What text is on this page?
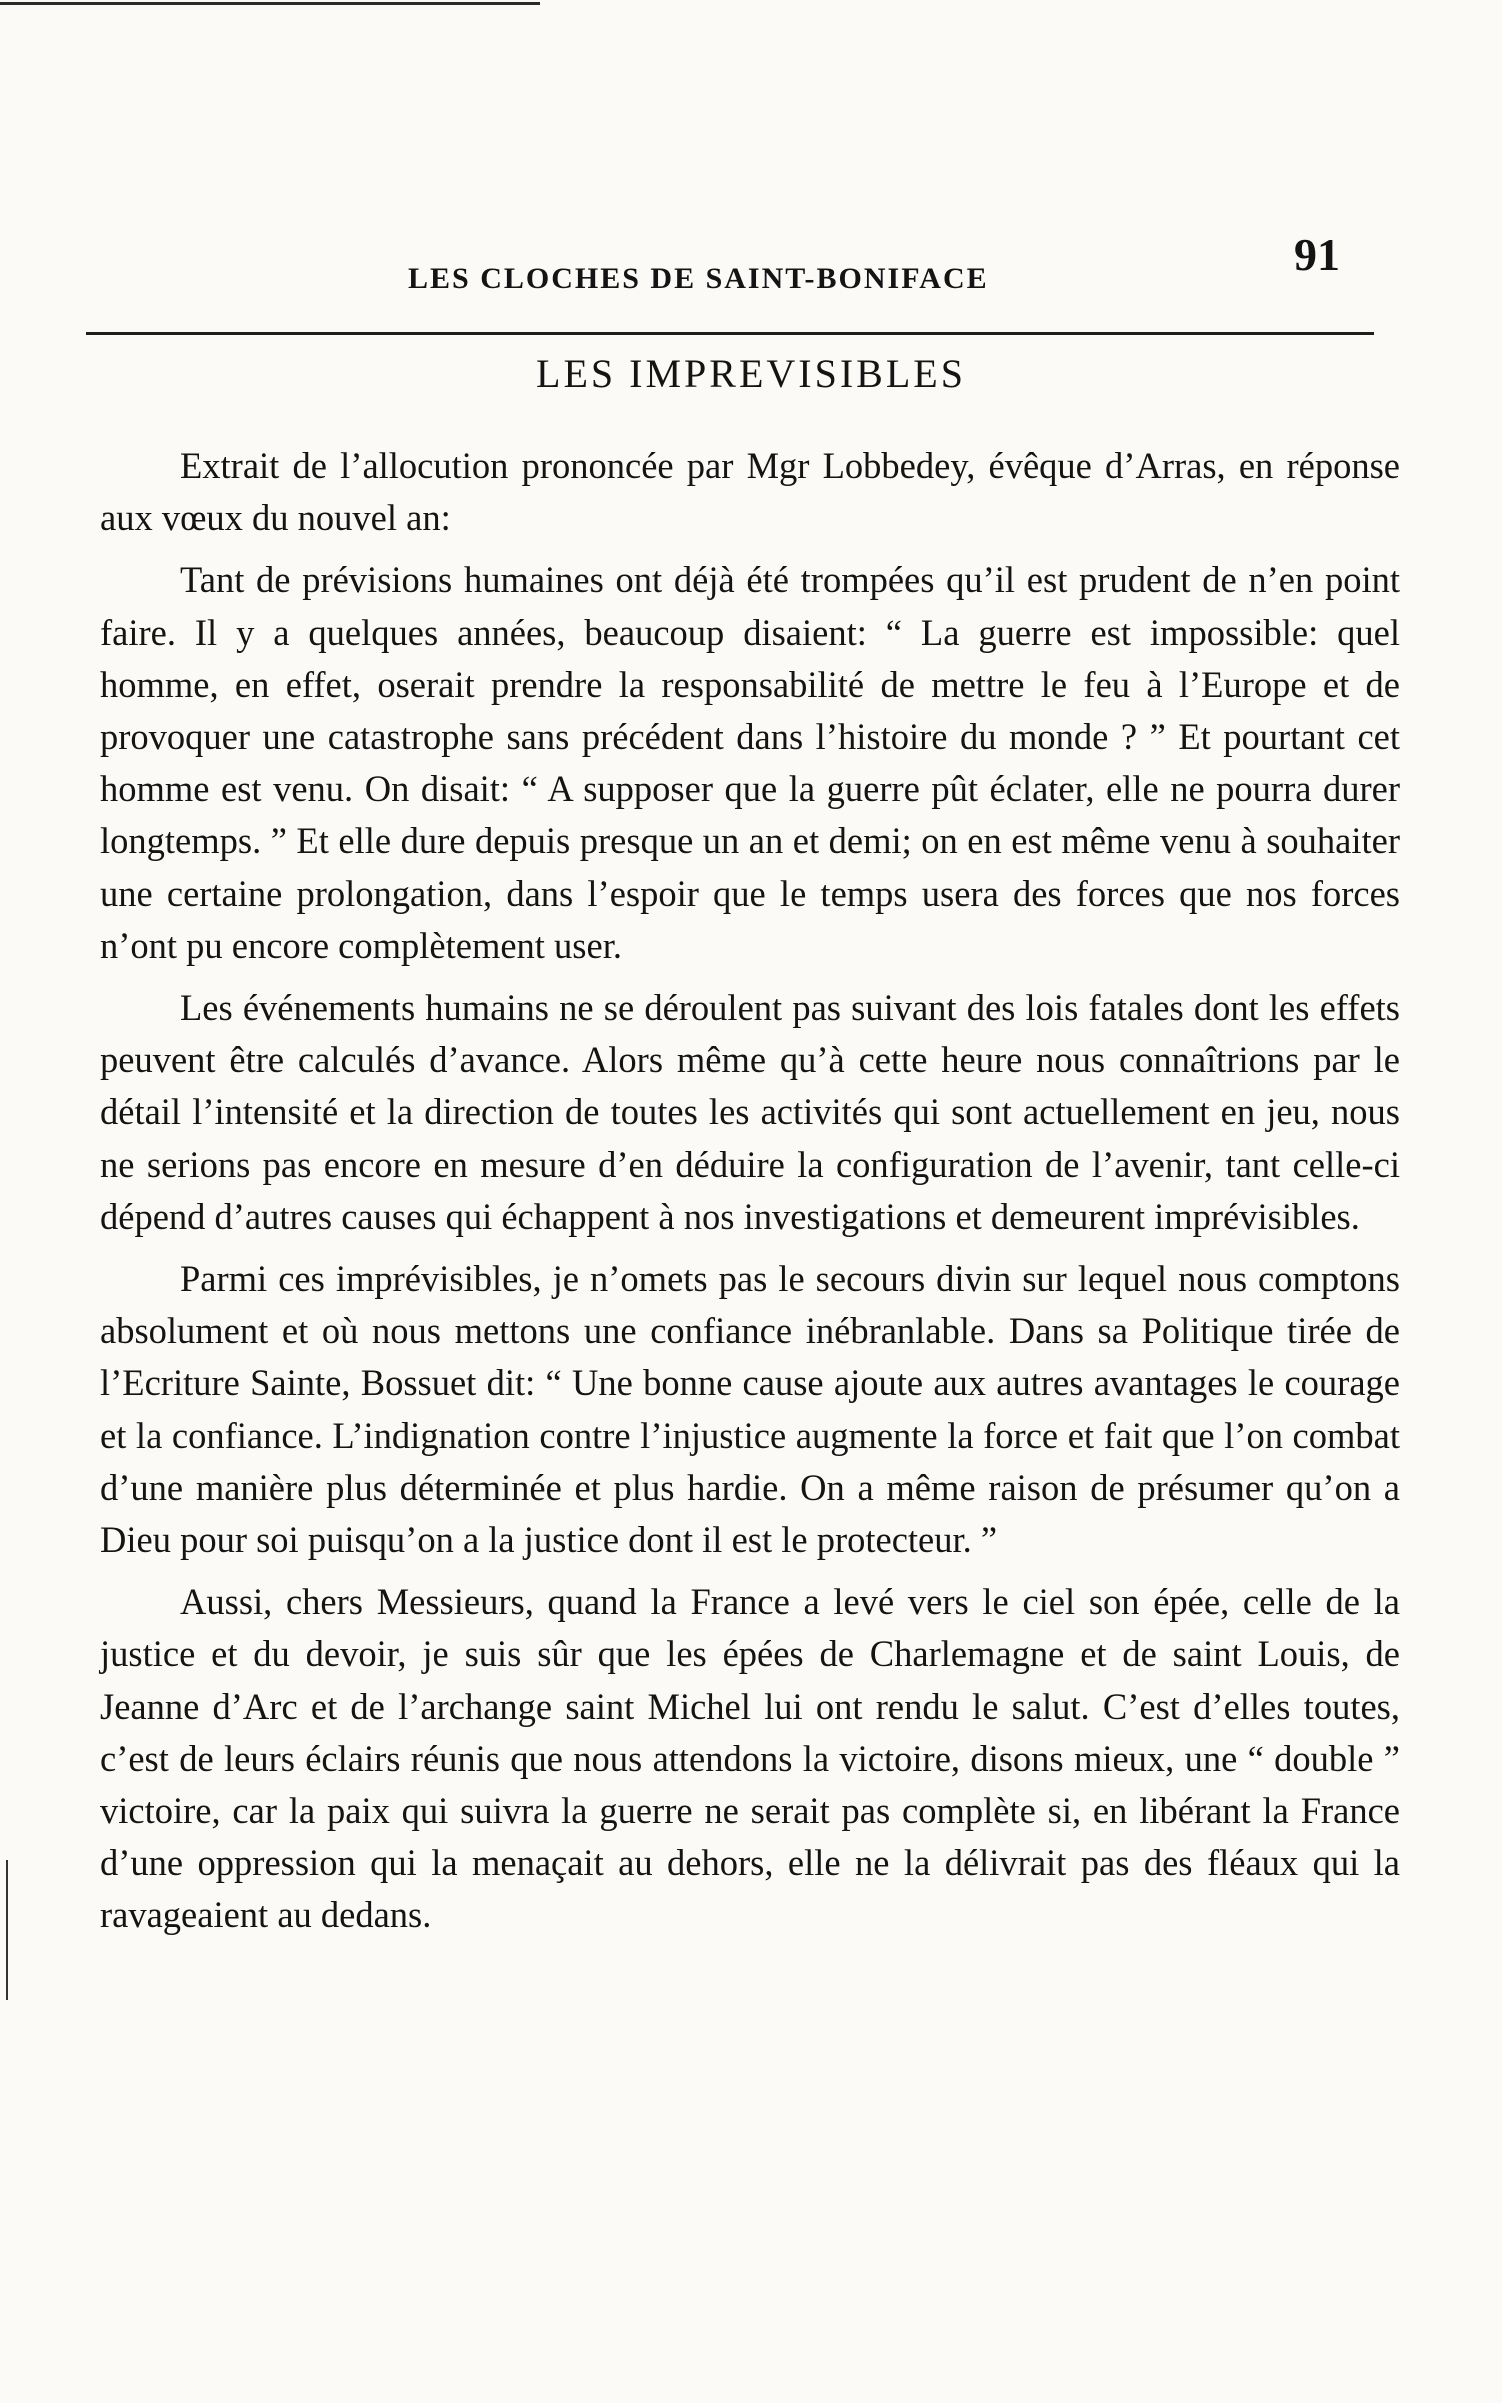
LES CLOCHES DE SAINT-BONIFACE	91
LES IMPREVISIBLES

Extrait de l’allocution prononcée par Mgr Lobbedey, évêque d’Arras, en réponse aux vœux du nouvel an:

Tant de prévisions humaines ont déjà été trompées qu’il est prudent de n’en point faire. Il y a quelques années, beaucoup disaient: “ La guerre est impossible: quel homme, en effet, oserait prendre la responsabilité de mettre le feu à l’Europe et de provoquer une catastrophe sans précédent dans l’histoire du monde ? ” Et pourtant cet homme est venu. On disait: “ A supposer que la guerre pût éclater, elle ne pourra durer longtemps. ” Et elle dure depuis presque un an et demi; on en est même venu à souhaiter une certaine prolongation, dans l’espoir que le temps usera des forces que nos forces n’ont pu encore complètement user.

Les événements humains ne se déroulent pas suivant des lois fatales dont les effets peuvent être calculés d’avance. Alors même qu’à cette heure nous connaîtrions par le détail l’intensité et la direction de toutes les activités qui sont actuellement en jeu, nous ne serions pas encore en mesure d’en déduire la configuration de l’avenir, tant celle-ci dépend d’autres causes qui échappent à nos investigations et demeurent imprévisibles.

Parmi ces imprévisibles, je n’omets pas le secours divin sur lequel nous comptons absolument et où nous mettons une confiance inébranlable. Dans sa Politique tirée de l’Ecriture Sainte, Bossuet dit: “ Une bonne cause ajoute aux autres avantages le courage et la confiance. L’indignation contre l’injustice augmente la force et fait que l’on combat d’une manière plus déterminée et plus hardie. On a même raison de présumer qu’on a Dieu pour soi puisqu’on a la justice dont il est le protecteur. ”

Aussi, chers Messieurs, quand la France a levé vers le ciel son épée, celle de la justice et du devoir, je suis sûr que les épées de Charlemagne et de saint Louis, de Jeanne d’Arc et de l’archange saint Michel lui ont rendu le salut. C’est d’elles toutes, c’est de leurs éclairs réunis que nous attendons la victoire, disons mieux, une “ double ” victoire, car la paix qui suivra la guerre ne serait pas complète si, en libérant la France d’une oppression qui la menaçait au dehors, elle ne la délivrait pas des fléaux qui la ravageaient au dedans.
